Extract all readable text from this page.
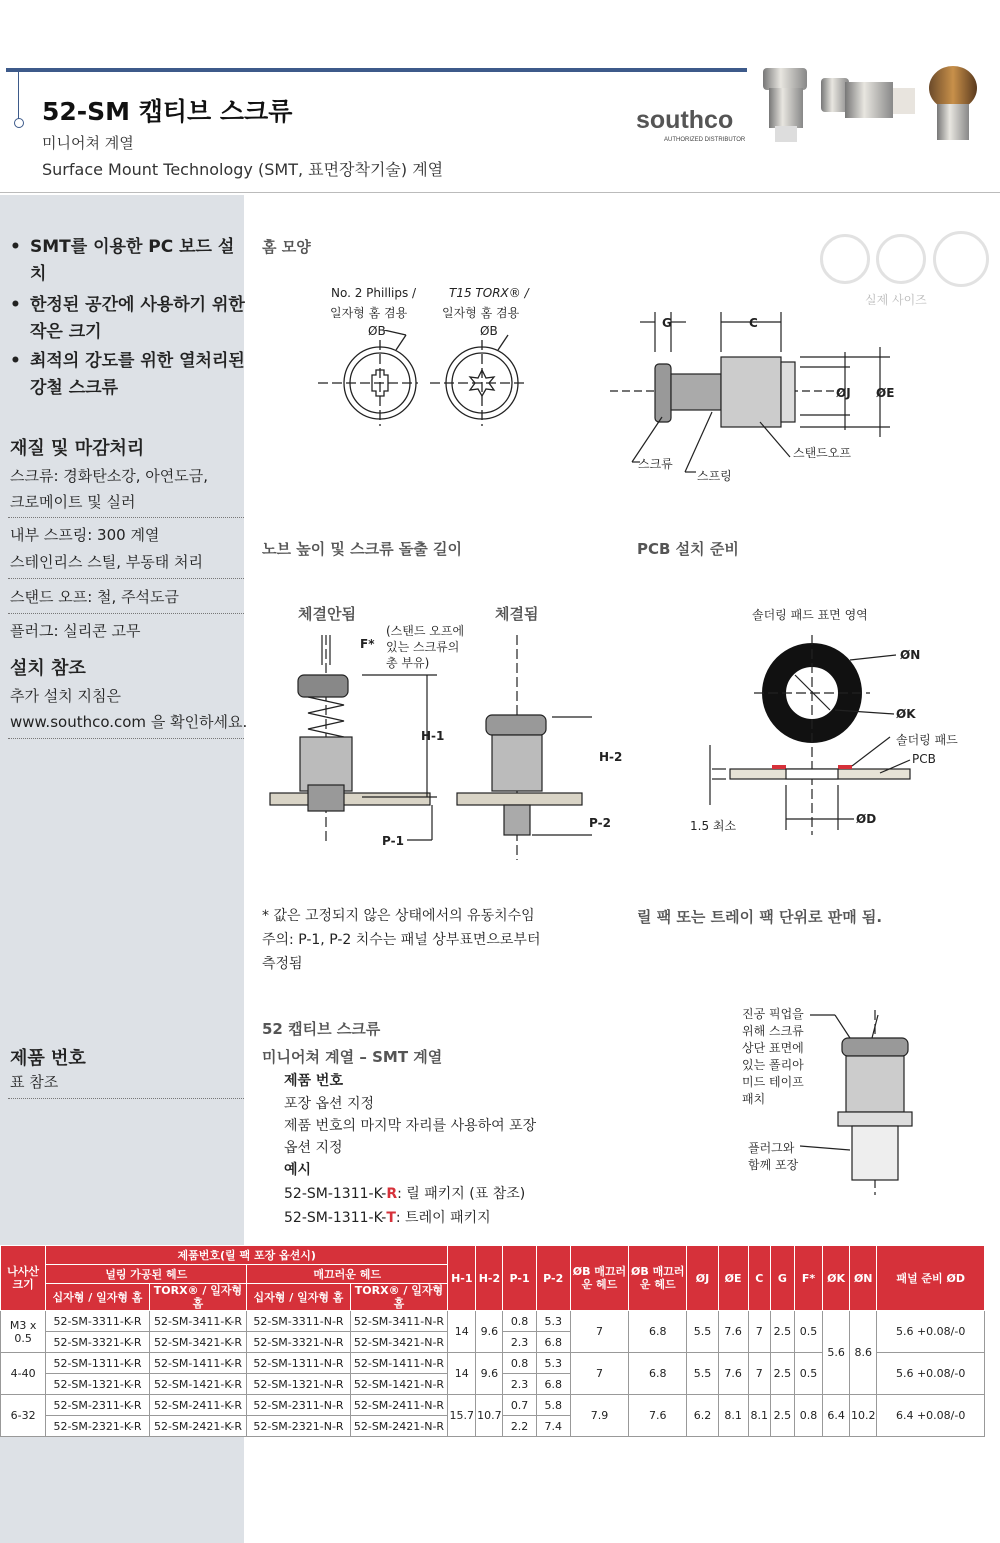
52-SM 캡티브 스크류
미니어쳐 계열
Surface Mount Technology (SMT, 표면장착기술) 계열
southco
AUTHORIZED DISTRIBUTOR
• SMT를 이용한 PC 보드 설치
• 한정된 공간에 사용하기 위한 작은 크기
• 최적의 강도를 위한 열처리된 강철 스크류
재질 및 마감처리
스크류: 경화탄소강, 아연도금,
크로메이트 및 실러
내부 스프링: 300 계열
스테인리스 스틸, 부동태 처리
스탠드 오프: 철, 주석도금
플러그: 실리콘 고무
설치 참조
추가 설치 지침은
www.southco.com 을 확인하세요.
제품 번호
표 참조
홈 모양
실제 사이즈
No. 2 Phillips /
일자형 홈 겸용
ØB
T15 TORX® /
일자형 홈 겸용
ØB
G	C
ØJ ØE
스크류
스프링
스탠드오프
노브 높이 및 스크류 돌출 길이	PCB 설치 준비
체결안됨	체결됨
F*
(스탠드 오프에
있는 스크류의
총 부유)
H-1
P-1
H-2
P-2
솔더링 패드 표면 영역
ØN
ØK
솔더링 패드
PCB
1.5 최소	ØD
* 값은 고정되지 않은 상태에서의 유동치수임
주의: P-1, P-2 치수는 패널 상부표면으로부터
측정됨
릴 팩 또는 트레이 팩 단위로 판매 됨.
52 캡티브 스크류
미니어쳐 계열 – SMT 계열
제품 번호
포장 옵션 지정
제품 번호의 마지막 자리를 사용하여 포장
옵션 지정
예시
52-SM-1311-K-R: 릴 패키지 (표 참조)
52-SM-1311-K-T: 트레이 패키지
진공 픽업을
위해 스크류
상단 표면에
있는 폴리아
미드 테이프
패치
플러그와
함께 포장
나사산 크기	제품번호(릴 팩 포장 옵션시)				H-1	H-2	P-1	P-2	ØB 매끄러운 헤드	ØB 매끄러운 헤드	ØJ	ØE	C	G	F*	ØK	ØN	패널 준비 ØD
	널링 가공된 헤드		매끄러운 헤드															
	십자형 / 일자형 홈	TORX® / 일자형 홈	십자형 / 일자형 홈	TORX® / 일자형 홈														
M3 x 0.5	52-SM-3311-K-R	52-SM-3411-K-R	52-SM-3311-N-R	52-SM-3411-N-R	14	9.6	0.8	5.3	7	6.8	5.5	7.6	7	2.5	0.5	5.6	8.6	5.6 +0.08/-0
	52-SM-3321-K-R	52-SM-3421-K-R	52-SM-3321-N-R	52-SM-3421-N-R			2.3	6.8										
4-40	52-SM-1311-K-R	52-SM-1411-K-R	52-SM-1311-N-R	52-SM-1411-N-R	14	9.6	0.8	5.3	7	6.8	5.5	7.6	7	2.5	0.5			5.6 +0.08/-0
	52-SM-1321-K-R	52-SM-1421-K-R	52-SM-1321-N-R	52-SM-1421-N-R			2.3	6.8										
6-32	52-SM-2311-K-R	52-SM-2411-K-R	52-SM-2311-N-R	52-SM-2411-N-R	15.7	10.7	0.7	5.8	7.9	7.6	6.2	8.1	8.1	2.5	0.8	6.4	10.2	6.4 +0.08/-0
	52-SM-2321-K-R	52-SM-2421-K-R	52-SM-2321-N-R	52-SM-2421-N-R			2.2	7.4										
